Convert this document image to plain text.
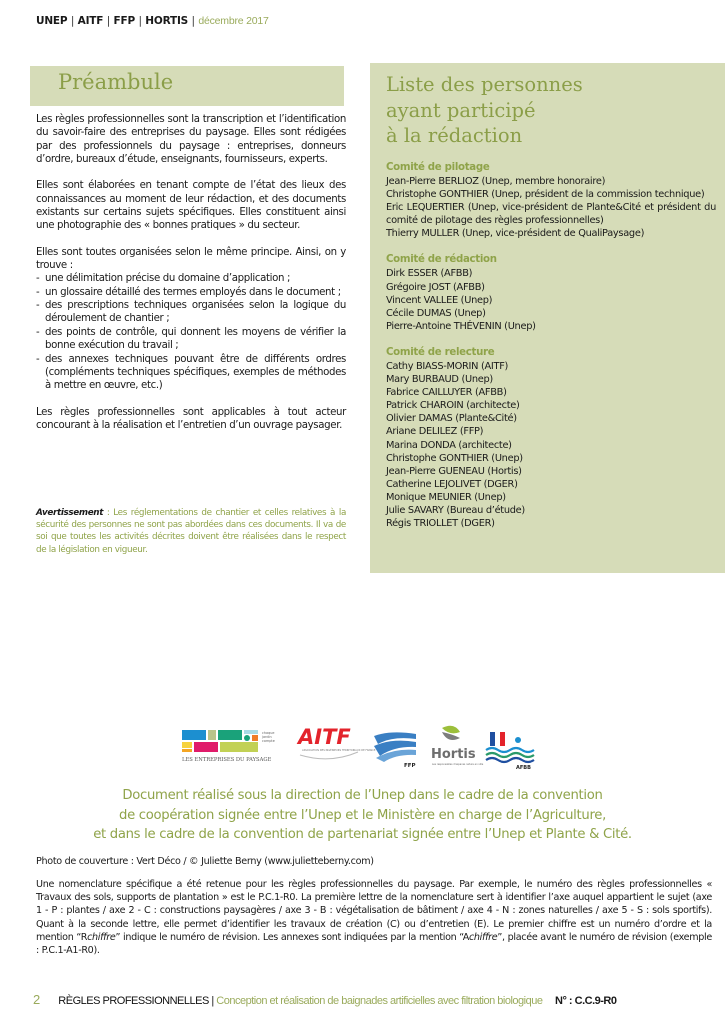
UNEP | AITF | FFP | HORTIS | décembre 2017
Préambule

Les règles professionnelles sont la transcription et l’identification du savoir-faire des entreprises du paysage. Elles sont rédigées par des professionnels du paysage : entreprises, donneurs d’ordre, bureaux d’étude, enseignants, fournisseurs, experts.

Elles sont élaborées en tenant compte de l’état des lieux des connaissances au moment de leur rédaction, et des documents existants sur certains sujets spécifiques. Elles constituent ainsi une photographie des « bonnes pratiques » du secteur.

Elles sont toutes organisées selon le même principe. Ainsi, on y trouve :

- une délimitation précise du domaine d’application ;
- un glossaire détaillé des termes employés dans le document ;
- des prescriptions techniques organisées selon la logique du déroulement de chantier ;
- des points de contrôle, qui donnent les moyens de vérifier la bonne exécution du travail ;
- des annexes techniques pouvant être de différents ordres (compléments techniques spécifiques, exemples de méthodes à mettre en œuvre, etc.)

Les règles professionnelles sont applicables à tout acteur concourant à la réalisation et l’entretien d’un ouvrage paysager.

Avertissement : Les réglementations de chantier et celles relatives à la sécurité des personnes ne sont pas abordées dans ces documents. Il va de soi que toutes les activités décrites doivent être réalisées dans le respect de la législation en vigueur.
Liste des personnes
ayant participé
à la rédaction
Comité de pilotage
Jean-Pierre BERLIOZ (Unep, membre honoraire)
Christophe GONTHIER (Unep, président de la commission technique)
Eric LEQUERTIER (Unep, vice-président de Plante&Cité et président du comité de pilotage des règles professionnelles)
Thierry MULLER (Unep, vice-président de QualiPaysage)
Comité de rédaction
Dirk ESSER (AFBB)
Grégoire JOST (AFBB)
Vincent VALLEE (Unep)
Cécile DUMAS (Unep)
Pierre-Antoine THÉVENIN (Unep)
Comité de relecture
Cathy BIASS-MORIN (AITF)
Mary BURBAUD (Unep)
Fabrice CAILLUYER (AFBB)
Patrick CHAROIN (architecte)
Olivier DAMAS (Plante&Cité)
Ariane DELILEZ (FFP)
Marina DONDA (architecte)
Christophe GONTHIER (Unep)
Jean-Pierre GUENEAU (Hortis)
Catherine LEJOLIVET (DGER)
Monique MEUNIER (Unep)
Julie SAVARY (Bureau d’étude)
Régis TRIOLLET (DGER)
LES ENTREPRISES DU PAYSAGE
chaque
jardin
compte AITF
ASSOCIATION DES INGÉNIEURS TERRITORIAUX DE FRANCE
FFP
Hortis
Les responsables d’espaces nature en ville
AFBB
Document réalisé sous la direction de l’Unep dans le cadre de la convention
de coopération signée entre l’Unep et le Ministère en charge de l’Agriculture,
et dans le cadre de la convention de partenariat signée entre l’Unep et Plante & Cité.
Photo de couverture : Vert Déco / © Juliette Berny (www.julietteberny.com)
Une nomenclature spécifique a été retenue pour les règles professionnelles du paysage. Par exemple, le numéro des règles professionnelles « Travaux des sols, supports de plantation » est le P.C.1-R0. La première lettre de la nomenclature sert à identifier l’axe auquel appartient le sujet (axe 1 - P : plantes / axe 2 - C : constructions paysagères / axe 3 - B : végétalisation de bâtiment / axe 4 - N : zones naturelles / axe 5 - S : sols sportifs). Quant à la seconde lettre, elle permet d’identifier les travaux de création (C) ou d’entretien (E). Le premier chiffre est un numéro d’ordre et la mention “Rchiffre” indique le numéro de révision. Les annexes sont indiquées par la mention “Achiffre”, placée avant le numéro de révision (exemple : P.C.1-A1-R0).
2 RÈGLES PROFESSIONNELLES | Conception et réalisation de baignades artificielles avec filtration biologique N° : C.C.9-R0
